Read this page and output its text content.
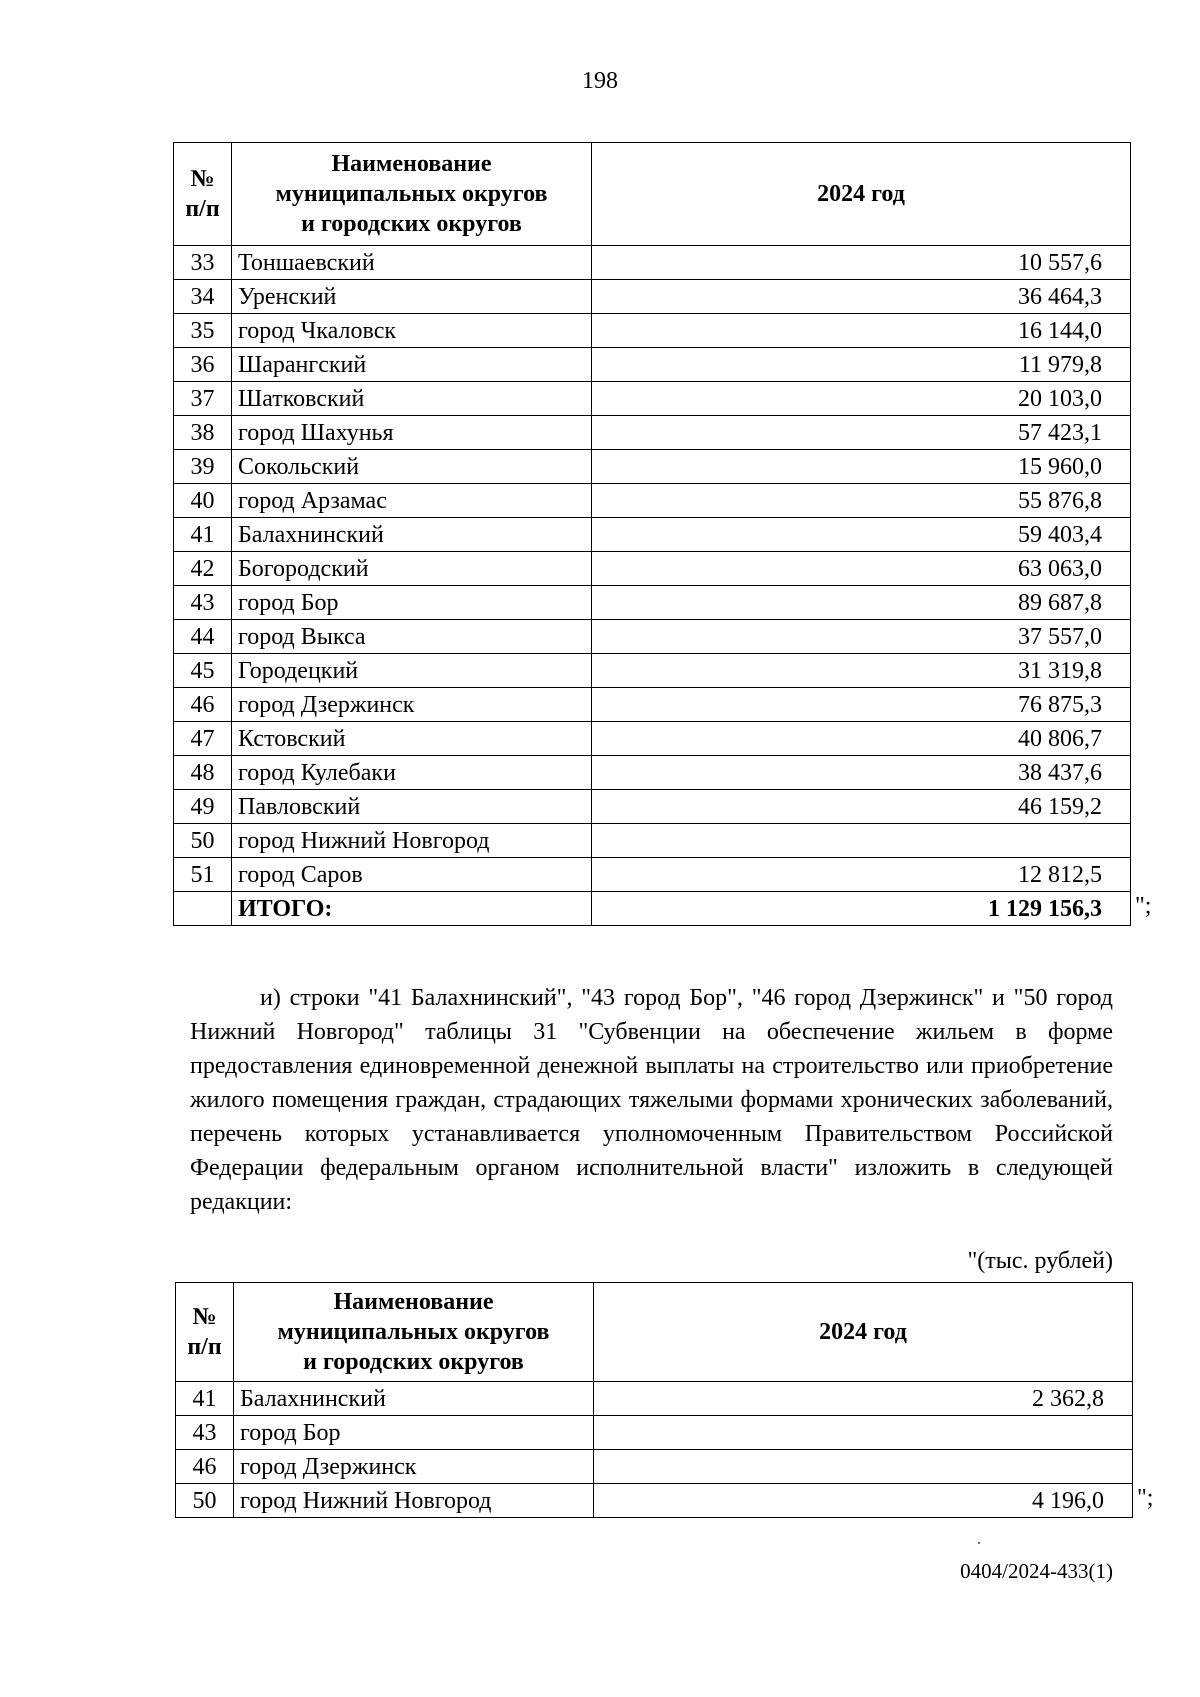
198
№
п/п	Наименование
муниципальных округов
и городских округов	2024 год
33	Тоншаевский	10 557,6
34	Уренский	36 464,3
35	город Чкаловск	16 144,0
36	Шарангский	11 979,8
37	Шатковский	20 103,0
38	город Шахунья	57 423,1
39	Сокольский	15 960,0
40	город Арзамас	55 876,8
41	Балахнинский	59 403,4
42	Богородский	63 063,0
43	город Бор	89 687,8
44	город Выкса	37 557,0
45	Городецкий	31 319,8
46	город Дзержинск	76 875,3
47	Кстовский	40 806,7
48	город Кулебаки	38 437,6
49	Павловский	46 159,2
50	город Нижний Новгород	
51	город Саров	12 812,5
	ИТОГО:	1 129 156,3 ";
и) строки "41 Балахнинский", "43 город Бор", "46 город Дзержинск" и "50 город Нижний Новгород" таблицы 31 "Субвенции на обеспечение жильем в форме предоставления единовременной денежной выплаты на строительство или приобретение жилого помещения граждан, страдающих тяжелыми формами хронических заболеваний, перечень которых устанавливается уполномоченным Правительством Российской Федерации федеральным органом исполнительной власти" изложить в следующей редакции:
"(тыс. рублей)
№
п/п	Наименование
муниципальных округов
и городских округов	2024 год
41	Балахнинский	2 362,8
43	город Бор	
46	город Дзержинск	
50	город Нижний Новгород	4 196,0 ";
0404/2024-433(1)
